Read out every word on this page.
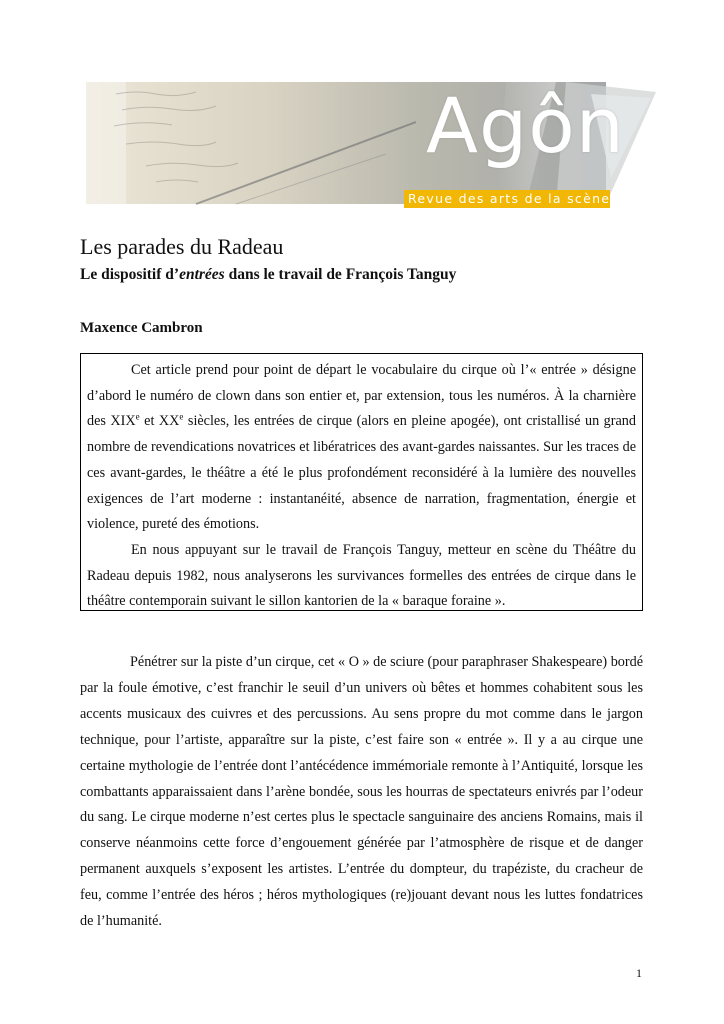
Agôn
Revue des arts de la scène
Les parades du Radeau
Le dispositif d’entrées dans le travail de François Tanguy
Maxence Cambron

Cet article prend pour point de départ le vocabulaire du cirque où l’« entrée » désigne d’abord le numéro de clown dans son entier et, par extension, tous les numéros. À la charnière des XIXe et XXe siècles, les entrées de cirque (alors en pleine apogée), ont cristallisé un grand nombre de revendications novatrices et libératrices des avant-gardes naissantes. Sur les traces de ces avant-gardes, le théâtre a été le plus profondément reconsidéré à la lumière des nouvelles exigences de l’art moderne : instantanéité, absence de narration, fragmentation, énergie et violence, pureté des émotions.

En nous appuyant sur le travail de François Tanguy, metteur en scène du Théâtre du Radeau depuis 1982, nous analyserons les survivances formelles des entrées de cirque dans le théâtre contemporain suivant le sillon kantorien de la « baraque foraine ».

Pénétrer sur la piste d’un cirque, cet « O » de sciure (pour paraphraser Shakespeare) bordé par la foule émotive, c’est franchir le seuil d’un univers où bêtes et hommes cohabitent sous les accents musicaux des cuivres et des percussions. Au sens propre du mot comme dans le jargon technique, pour l’artiste, apparaître sur la piste, c’est faire son « entrée ». Il y a au cirque une certaine mythologie de l’entrée dont l’antécédence immémoriale remonte à l’Antiquité, lorsque les combattants apparaissaient dans l’arène bondée, sous les hourras de spectateurs enivrés par l’odeur du sang. Le cirque moderne n’est certes plus le spectacle sanguinaire des anciens Romains, mais il conserve néanmoins cette force d’engouement générée par l’atmosphère de risque et de danger permanent auxquels s’exposent les artistes. L’entrée du dompteur, du trapéziste, du cracheur de feu, comme l’entrée des héros ; héros mythologiques (re)jouant devant nous les luttes fondatrices de l’humanité.

1
